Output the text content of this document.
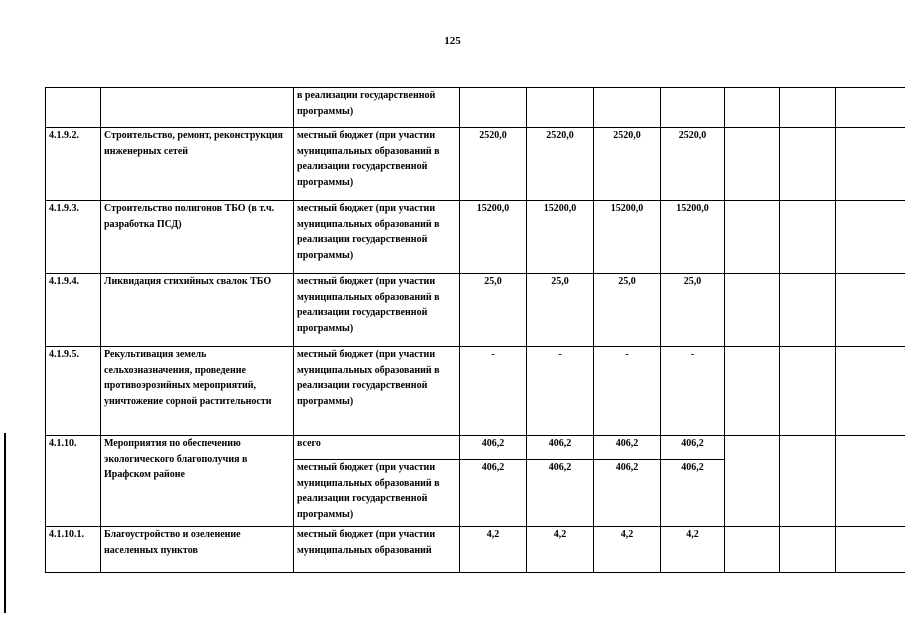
125
		в реализации государственной программы)							
4.1.9.2.	Строительство, ремонт, реконструкция инженерных сетей	местный бюджет (при участии муниципальных образований в реализации государственной программы)	2520,0	2520,0	2520,0	2520,0			
4.1.9.3.	Строительство полигонов ТБО (в т.ч. разработка ПСД)	местный бюджет (при участии муниципальных образований в реализации государственной программы)	15200,0	15200,0	15200,0	15200,0			
4.1.9.4.	Ликвидация стихийных свалок ТБО	местный бюджет (при участии муниципальных образований в реализации государственной программы)	25,0	25,0	25,0	25,0			
4.1.9.5.	Рекультивация земель сельхозназначения, проведение противоэрозийных мероприятий, уничтожение сорной растительности	местный бюджет (при участии муниципальных образований в реализации государственной программы)	-	-	-	-			
4.1.10.	Мероприятия по обеспечению экологического благополучия в Ирафском районе	всего	406,2	406,2	406,2	406,2			
		местный бюджет (при участии муниципальных образований в реализации государственной программы)	406,2	406,2	406,2	406,2			
4.1.10.1.	Благоустройство и озеленение населенных пунктов	местный бюджет (при участии муниципальных образований	4,2	4,2	4,2	4,2			
